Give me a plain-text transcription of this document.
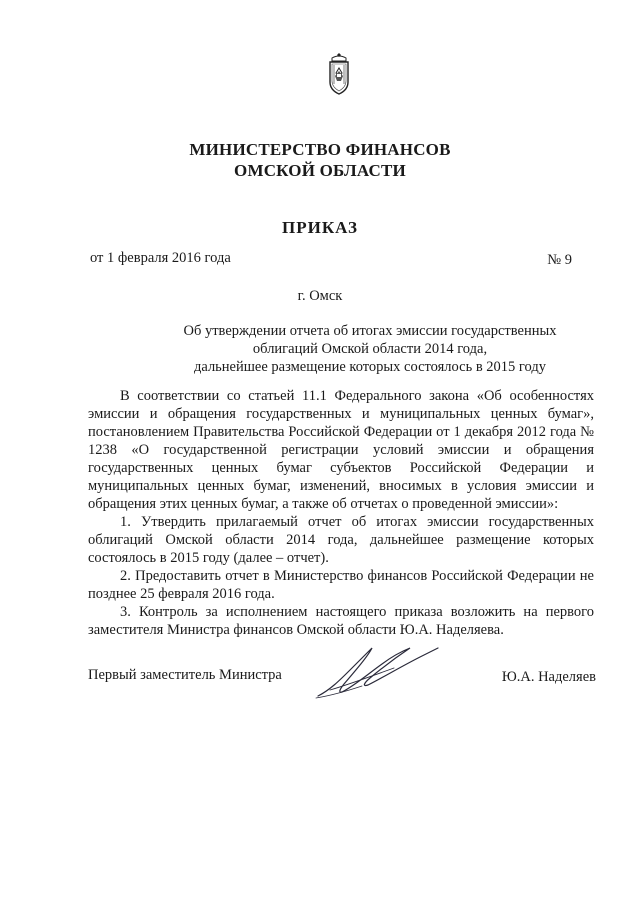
МИНИСТЕРСТВО ФИНАНСОВ
ОМСКОЙ ОБЛАСТИ
ПРИКАЗ
от 1 февраля 2016 года	№ 9
г. Омск
Об утверждении отчета об итогах эмиссии государственных
облигаций Омской области 2014 года,
дальнейшее размещение которых состоялось в 2015 году

В соответствии со статьей 11.1 Федерального закона «Об особенностях эмиссии и обращения государственных и муниципальных ценных бумаг», постановлением Правительства Российской Федерации от 1 декабря 2012 года № 1238 «О государственной регистрации условий эмиссии и обращения государственных ценных бумаг субъектов Российской Федерации и муниципальных ценных бумаг, изменений, вносимых в условия эмиссии и обращения этих ценных бумаг, а также об отчетах о проведенной эмиссии»:

1. Утвердить прилагаемый отчет об итогах эмиссии государственных облигаций Омской области 2014 года, дальнейшее размещение которых состоялось в 2015 году (далее – отчет).

2. Предоставить отчет в Министерство финансов Российской Федерации не позднее 25 февраля 2016 года.

3. Контроль за исполнением настоящего приказа возложить на первого заместителя Министра финансов Омской области Ю.А. Наделяева.

Первый заместитель Министра	Ю.А. Наделяев
